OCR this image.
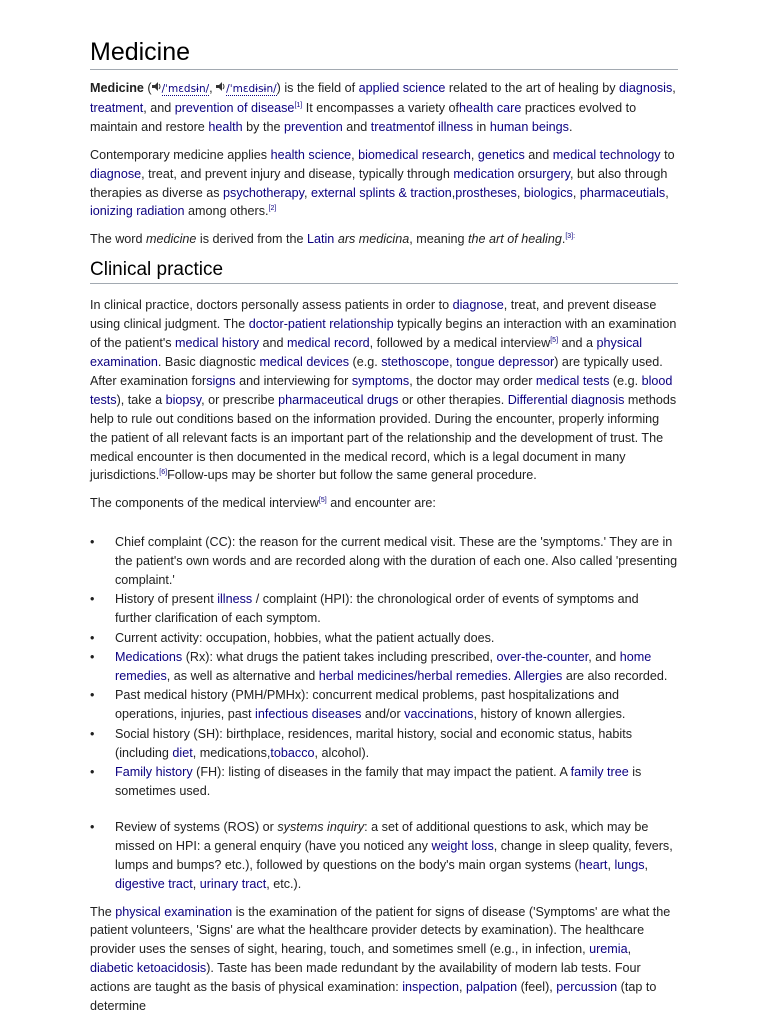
Medicine

Medicine ( /ˈmɛdsɨn/, /ˈmɛdɨsɨn/) is the field of applied science related to the art of healing by diagnosis, treatment, and prevention of disease[1] It encompasses a variety ofhealth care practices evolved to maintain and restore health by the prevention and treatmentof illness in human beings.

Contemporary medicine applies health science, biomedical research, genetics and medical technology to diagnose, treat, and prevent injury and disease, typically through medication orsurgery, but also through therapies as diverse as psychotherapy, external splints & traction,prostheses, biologics, pharmaceutials, ionizing radiation among others.[2]

The word medicine is derived from the Latin ars medicina, meaning the art of healing.$^{[3]:}$

Clinical practice

In clinical practice, doctors personally assess patients in order to diagnose, treat, and prevent disease using clinical judgment. The doctor-patient relationship typically begins an interaction with an examination of the patient's medical history and medical record, followed by a medical interview[5] and a physical examination. Basic diagnostic medical devices (e.g. stethoscope, tongue depressor) are typically used. After examination forsigns and interviewing for symptoms, the doctor may order medical tests (e.g. blood tests), take a biopsy, or prescribe pharmaceutical drugs or other therapies. Differential diagnosis methods help to rule out conditions based on the information provided. During the encounter, properly informing the patient of all relevant facts is an important part of the relationship and the development of trust. The medical encounter is then documented in the medical record, which is a legal document in many jurisdictions.[6]Follow-ups may be shorter but follow the same general procedure.

The components of the medical interview[5] and encounter are:

• Chief complaint (CC): the reason for the current medical visit. These are the 'symptoms.' They are in the patient's own words and are recorded along with the duration of each one. Also called 'presenting complaint.'
• History of present illness / complaint (HPI): the chronological order of events of symptoms and further clarification of each symptom.
• Current activity: occupation, hobbies, what the patient actually does.
• Medications (Rx): what drugs the patient takes including prescribed, over-the-counter, and home remedies, as well as alternative and herbal medicines/herbal remedies. Allergies are also recorded.
• Past medical history (PMH/PMHx): concurrent medical problems, past hospitalizations and operations, injuries, past infectious diseases and/or vaccinations, history of known allergies.
• Social history (SH): birthplace, residences, marital history, social and economic status, habits (including diet, medications,tobacco, alcohol).
• Family history (FH): listing of diseases in the family that may impact the patient. A family tree is sometimes used.
• Review of systems (ROS) or systems inquiry: a set of additional questions to ask, which may be missed on HPI: a general enquiry (have you noticed any weight loss, change in sleep quality, fevers, lumps and bumps? etc.), followed by questions on the body's main organ systems (heart, lungs, digestive tract, urinary tract, etc.).

The physical examination is the examination of the patient for signs of disease ('Symptoms' are what the patient volunteers, 'Signs' are what the healthcare provider detects by examination). The healthcare provider uses the senses of sight, hearing, touch, and sometimes smell (e.g., in infection, uremia, diabetic ketoacidosis). Taste has been made redundant by the availability of modern lab tests. Four actions are taught as the basis of physical examination: inspection, palpation (feel), percussion (tap to determine
